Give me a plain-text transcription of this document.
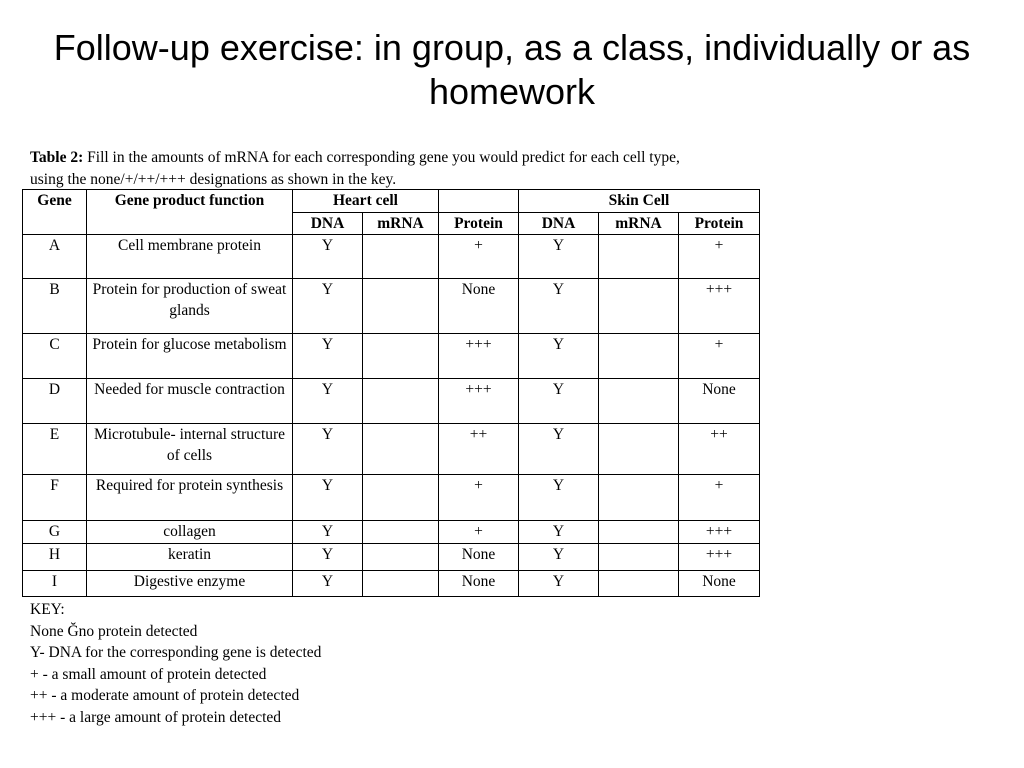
Follow-up exercise: in group, as a class, individually or as homework
Table 2: Fill in the amounts of mRNA for each corresponding gene you would predict for each cell type, using the none/+/++/+++ designations as shown in the key.
Gene	Gene product function	Heart cell			Skin Cell		
		DNA	mRNA	Protein	DNA	mRNA	Protein
A	Cell membrane protein	Y		+	Y		+
B	Protein for production of sweat glands	Y		None	Y		+++
C	Protein for glucose metabolism	Y		+++	Y		+
D	Needed for muscle contraction	Y		+++	Y		None
E	Microtubule- internal structure of cells	Y		++	Y		++
F	Required for protein synthesis	Y		+	Y		+
G	collagen	Y		+	Y		+++
H	keratin	Y		None	Y		+++
I	Digestive enzyme	Y		None	Y		None
KEY:
None Ğno protein detected
Y- DNA for the corresponding gene is detected
+ - a small amount of protein detected
++ - a moderate amount of protein detected
+++ - a large amount of protein detected
